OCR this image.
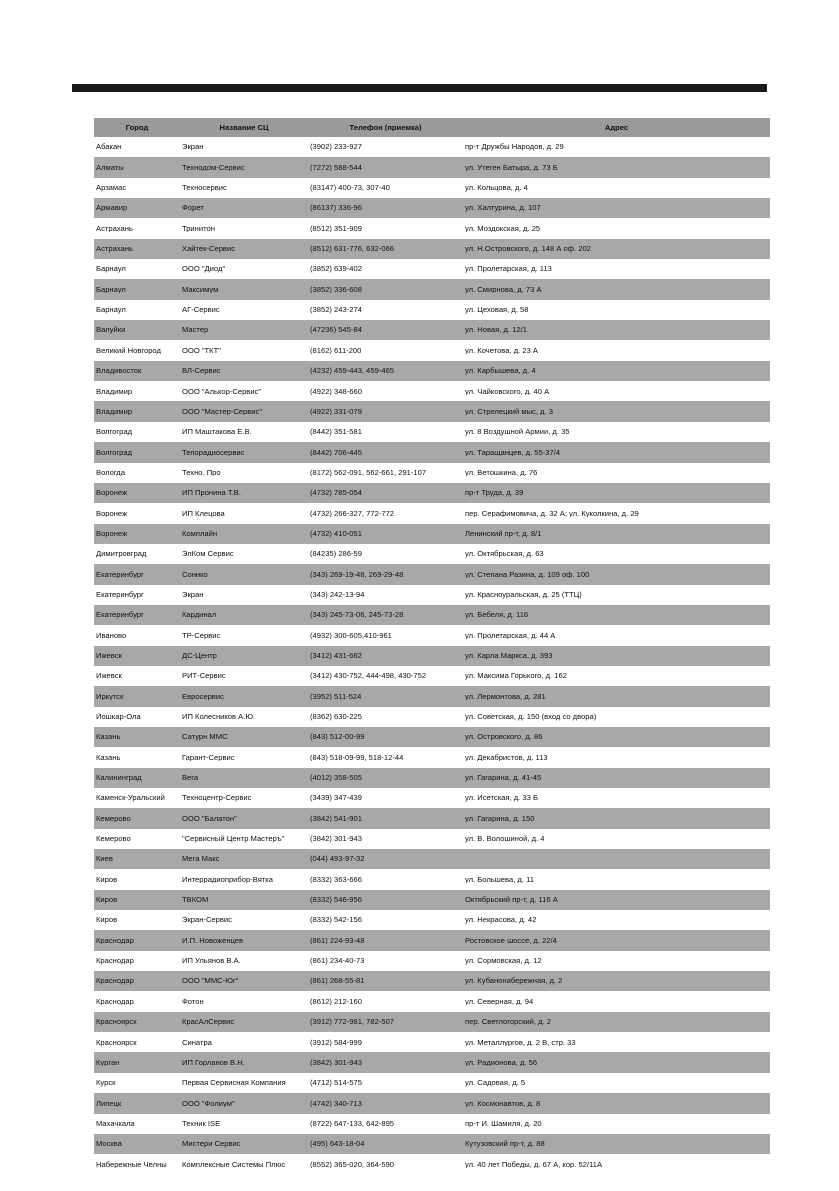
Город	Название СЦ	Телефон (приемка)	Адрес
Абакан	Экран	(3902) 233-927	пр-т Дружбы Народов, д. 29
Алматы	Технодом-Сервис	(7272) 588-544	ул. Утеген Батыра, д. 73 Б
Арзамас	Техносервис	(83147) 400-73, 307-40	ул. Кольцова, д. 4
Армавир	Форет	(86137) 336-96	ул. Халтурина, д. 107
Астрахань	Тринитон	(8512) 351-909	ул. Моздокская, д. 25
Астрахань	Хайтек-Сервис	(8512) 631-776, 632-066	ул. Н.Островского, д. 148 А оф. 202
Барнаул	ООО "Диод"	(3852) 639-402	ул. Пролетарская, д. 113
Барнаул	Максимум	(3852) 336-608	ул. Смирнова, д. 73 А
Барнаул	АГ-Сервис	(3852) 243-274	ул. Цеховая, д. 58
Валуйки	Мастер	(47236) 545-84	ул. Новая, д. 12/1
Великий Новгород	ООО "ТКТ"	(8162) 611-200	ул. Кочетова, д. 23 А
Владивосток	ВЛ-Сервис	(4232) 459-443, 459-465	ул. Карбышева, д. 4
Владимир	ООО "Алькор-Сервис"	(4922) 348-660	ул. Чайковского, д. 40 А
Владимир	ООО "Мастер-Сервис"	(4922) 331-079	ул. Стрелецкий мыс, д. 3
Волгоград	ИП Маштакова Е.В.	(8442) 351-581	ул. 8 Воздушной Армии, д. 35
Волгоград	Тепорадиосервис	(8442) 706-445	ул. Таращанцев, д. 55-37/4
Вологда	Техно. Про	(8172) 562-091, 562-661, 291-107	ул. Ветошкина, д. 76
Воронеж	ИП Пронина Т.В.	(4732) 785-054	пр-т Труда, д. 39
Воронеж	ИП Клецова	(4732) 266-327, 772-772	пер. Серафимовича, д. 32 А; ул. Куколкина, д. 29
Воронеж	Комплайн	(4732) 410-051	Ленинский пр-т, д. 8/1
Димитровград	ЭлКом Сервис	(84235) 286-59	ул. Октябрьская, д. 63
Екатеринбург	Сонико	(343) 269-19-48, 269-29-48	ул. Степана Разина, д. 109 оф. 100
Екатеринбург	Экран	(343) 242-13-94	ул. Красноуральская, д. 25 (ТТЦ)
Екатеринбург	Кардинал	(343) 245-73-06, 245-73-28	ул. Бебеля, д. 116
Иваново	ТР-Сервис	(4932) 300-605,410-961	ул. Пролетарская, д. 44 А
Ижевск	ДС-Центр	(3412) 431-662	ул. Карла Маркса, д. 393
Ижевск	РИТ-Сервис	(3412) 430-752, 444-498, 430-752	ул. Максима Горького, д. 162
Иркутск	Евросервис	(3952) 511-524	ул. Лермонтова, д. 281
Йошкар-Ола	ИП Колесников А.Ю.	(8362) 630-225	ул. Советская, д. 150 (вход со двора)
Казань	Сатурн ММС	(843) 512-00-99	ул. Островского, д. 86
Казань	Гарант-Сервис	(843) 518-09-99, 518-12-44	ул. Декабристов, д. 113
Калининград	Вега	(4012) 358-505	ул. Гагарина, д. 41-45
Каменск-Уральский	Техноцентр-Сервис	(3439) 347-439	ул. Исетская, д. 33 Б
Кемерово	ООО "Балатон"	(3842) 541-901	ул. Гагарина, д. 150
Кемерово	"Сервисный Центр Мастеръ"	(3842) 301-943	ул. В. Волошиной, д. 4
Киев	Мега Макс	(044) 493-97-32
Киров	Интеррадиоприбор-Вятка	(8332) 363-666	ул. Большева, д. 11
Киров	ТВКОМ	(8332) 546-956	Октябрьский пр-т, д. 116 А
Киров	Экран-Сервис	(8332) 542-156	ул. Некрасова, д. 42
Краснодар	И.П. Новоженцев	(861) 224-93-48	Ростовское шоссе, д. 22/4
Краснодар	ИП Ульянов В.А.	(861) 234-40-73	ул. Сормовская, д. 12
Краснодар	ООО "ММС-Юг"	(861) 268-55-81	ул. Кубанонабережная, д. 2
Краснодар	Фотон	(8612) 212-160	ул. Северная, д. 94
Красноярск	КрасАлСервис	(3912) 772-981, 782-507	пер. Светлогорский, д. 2
Красноярск	Синатра	(3912) 584-999	ул. Металлургов, д. 2 В, стр. 33
Курган	ИП Горланов В.Н.	(3842) 301-943	ул. Радионова, д. 56
Курск	Первая Сервисная Компания	(4712) 514-575	ул. Садовая, д. 5
Липецк	ООО "Фолиум"	(4742) 340-713	ул. Космонавтов, д. 8
Махачкала	Техник ISE	(8722) 647-133, 642-895	пр-т И. Шамиля, д. 20
Москва	Мистери Сервис	(495) 643-18-04	Кутузовский пр-т, д. 88
Набережные Челны	Комплексные Системы Плюс	(8552) 365-020, 364-590	ул. 40 лет Победы, д. 67 А, кор. 52/11А
